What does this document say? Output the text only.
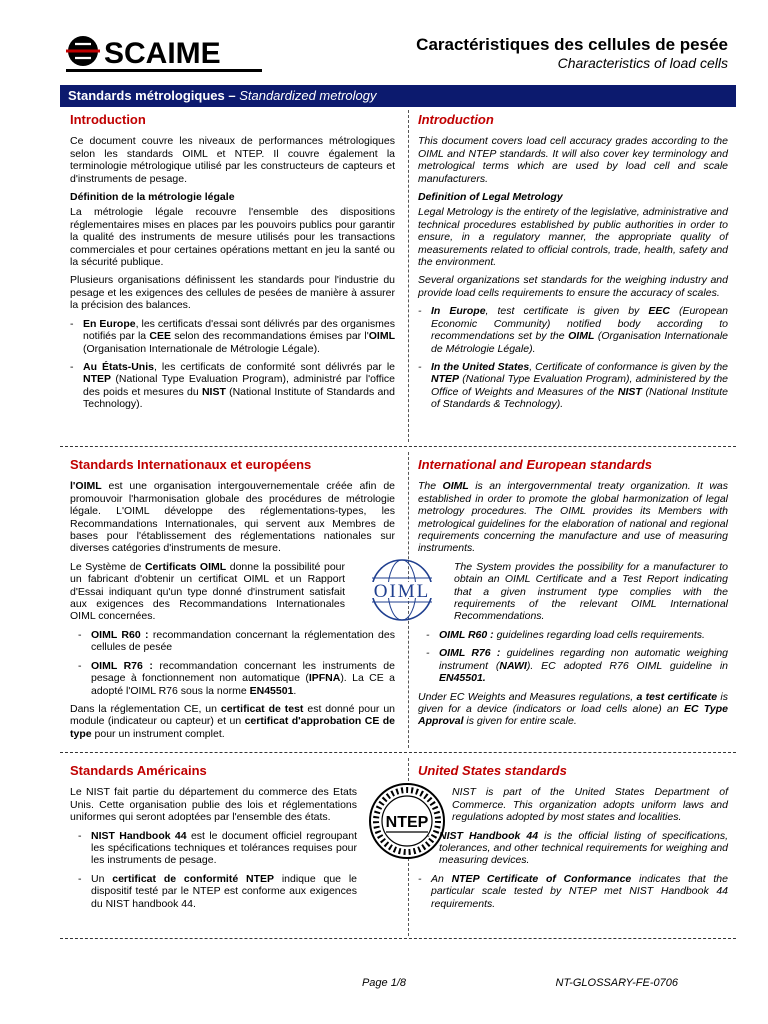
SCAIME	Caractéristiques des cellules de pesée
Characteristics of load cells
Standards métrologiques – Standardized metrology
Introduction

Ce document couvre les niveaux de performances métrologiques selon les standards OIML et NTEP. Il couvre également la terminologie métrologique utilisé par les constructeurs de capteurs et d'instruments de pesage.

Définition de la métrologie légale

La métrologie légale recouvre l'ensemble des dispositions réglementaires mises en places par les pouvoirs publics pour garantir la qualité des instruments de mesure utilisés pour les transactions commerciales et pour certaines opérations mettant en jeu la santé ou la sécurité publique.

Plusieurs organisations définissent les standards pour l'industrie du pesage et les exigences des cellules de pesées de manière à assurer la précision des balances.

- En Europe, les certificats d'essai sont délivrés par des organismes notifiés par la CEE selon des recommandations émises par l'OIML (Organisation Internationale de Métrologie Légale).
- Au États-Unis, les certificats de conformité sont délivrés par le NTEP (National Type Evaluation Program), administré par l'office des poids et mesures du NIST (National Institute of Standards and Technology).
Introduction

This document covers load cell accuracy grades according to the OIML and NTEP standards. It will also cover key terminology and metrological terms which are used by load cell and scale manufacturers.

Definition of Legal Metrology

Legal Metrology is the entirety of the legislative, administrative and technical procedures established by public authorities in order to ensure, in a regulatory manner, the appropriate quality of measurements related to official controls, trade, health, safety and the environment.

Several organizations set standards for the weighing industry and provide load cells requirements to ensure the accuracy of scales.

- In Europe, test certificate is given by EEC (European Economic Community) notified body according to recommendations set by the OIML (Organisation Internationale de Métrologie Légale).
- In the United States, Certificate of conformance is given by the NTEP (National Type Evaluation Program), administered by the Office of Weights and Measures of the NIST (National Institute of Standards & Technology).
Standards Internationaux et européens

l'OIML est une organisation intergouvernementale créée afin de promouvoir l'harmonisation globale des procédures de métrologie légale. L'OIML développe des réglementations-types, les Recommandations Internationales, qui servent aux Membres de bases pour l'établissement des réglementations nationales sur diverses catégories d'instruments de mesure.

Le Système de Certificats OIML donne la possibilité pour un fabricant d'obtenir un certificat OIML et un Rapport d'Essai indiquant qu'un type donné d'instrument satisfait aux exigences des Recommandations Internationales OIML concernées.

- OIML R60 : recommandation concernant la réglementation des cellules de pesée
- OIML R76 : recommandation concernant les instruments de pesage à fonctionnement non automatique (IPFNA). La CE a adopté l'OIML R76 sous la norme EN45501.

Dans la réglementation CE, un certificat de test est donné pour un module (indicateur ou capteur) et un certificat d'approbation CE de type pour un instrument complet.

OIML
International and European standards

The OIML is an intergovernmental treaty organization. It was established in order to promote the global harmonization of legal metrology procedures. The OIML provides its Members with metrological guidelines for the elaboration of national and regional requirements concerning the manufacture and use of measuring instruments.

The System provides the possibility for a manufacturer to obtain an OIML Certificate and a Test Report indicating that a given instrument type complies with the requirements of the relevant OIML International Recommendations.

- OIML R60 : guidelines regarding load cells requirements.
- OIML R76 : guidelines regarding non automatic weighing instrument (NAWI). EC adopted R76 OIML guideline in EN45501.

Under EC Weights and Measures regulations, a test certificate is given for a device (indicators or load cells alone) an EC Type Approval is given for entire scale.

Standards Américains

Le NIST fait partie du département du commerce des Etats Unis. Cette organisation publie des lois et réglementations uniformes qui seront adoptées par l'ensemble des états.

- NIST Handbook 44 est le document officiel regroupant les spécifications techniques et tolérances requises pour les instruments de pesage.
- Un certificat de conformité NTEP indique que le dispositif testé par le NTEP est conforme aux exigences du NIST handbook 44.
NTEP
United States standards

NIST is part of the United States Department of Commerce. This organization adopts uniform laws and regulations adopted by most states and localities.

- NIST Handbook 44 is the official listing of specifications, tolerances, and other technical requirements for weighing and measuring devices.
- An NTEP Certificate of Conformance indicates that the particular scale tested by NTEP met NIST Handbook 44 requirements.
Page 1/8	NT-GLOSSARY-FE-0706
